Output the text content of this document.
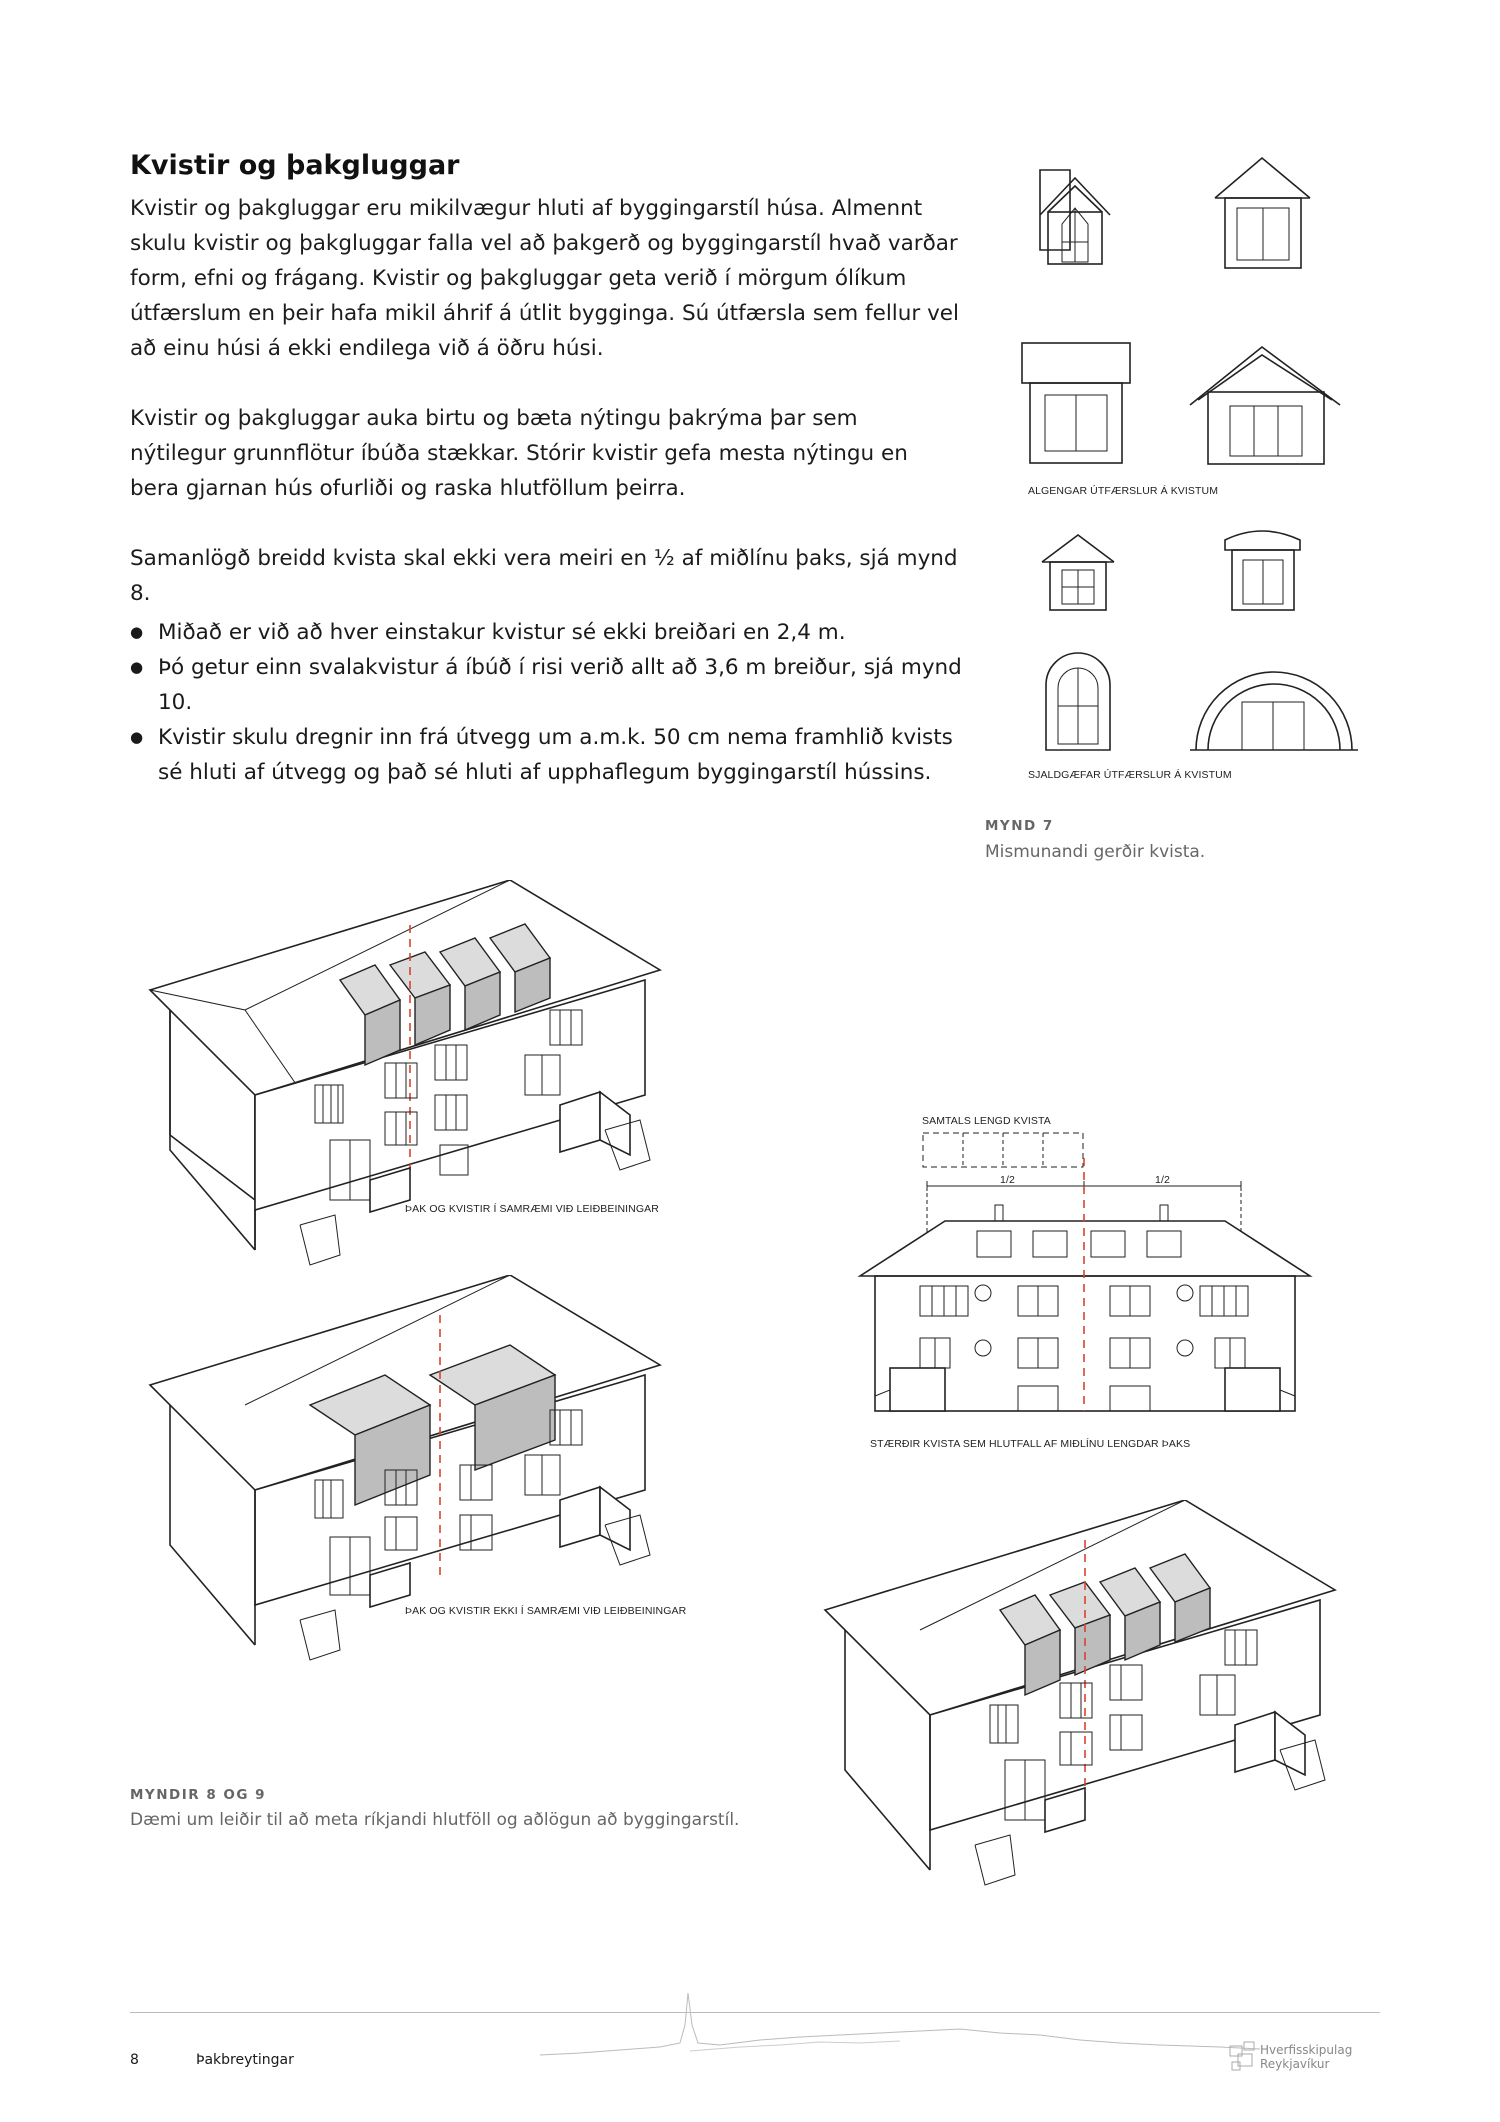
Kvistir og þakgluggar

Kvistir og þakgluggar eru mikilvægur hluti af byggingarstíl húsa. Almennt skulu kvistir og þakgluggar falla vel að þakgerð og byggingarstíl hvað varðar form, efni og frágang. Kvistir og þakgluggar geta verið í mörgum ólíkum útfærslum en þeir hafa mikil áhrif á útlit bygginga. Sú útfærsla sem fellur vel að einu húsi á ekki endilega við á öðru húsi.

Kvistir og þakgluggar auka birtu og bæta nýtingu þakrýma þar sem nýtilegur grunnflötur íbúða stækkar. Stórir kvistir gefa mesta nýtingu en bera gjarnan hús ofurliði og raska hlutföllum þeirra.

Samanlögð breidd kvista skal ekki vera meiri en ½ af miðlínu þaks, sjá mynd 8.

● Miðað er við að hver einstakur kvistur sé ekki breiðari en 2,4 m.
● Þó getur einn svalakvistur á íbúð í risi verið allt að 3,6 m breiður, sjá mynd 10.
● Kvistir skulu dregnir inn frá útvegg um a.m.k. 50 cm nema framhlið kvists sé hluti af útvegg og það sé hluti af upphaflegum byggingarstíl hússins.
ALGENGAR ÚTFÆRSLUR Á KVISTUM
SJALDGÆFAR ÚTFÆRSLUR Á KVISTUM
MYND 7
Mismunandi gerðir kvista.
ÞAK OG KVISTIR Í SAMRÆMI VIÐ LEIÐBEININGAR
ÞAK OG KVISTIR EKKI Í SAMRÆMI VIÐ LEIÐBEININGAR
SAMTALS LENGD KVISTA
1/2	1/2
STÆRÐIR KVISTA SEM HLUTFALL AF MIÐLÍNU LENGDAR ÞAKS
MYNDIR 8 OG 9
Dæmi um leiðir til að meta ríkjandi hlutföll og aðlögun að byggingarstíl.
8	Þakbreytingar
Hverfisskipulag
Reykjavíkur
